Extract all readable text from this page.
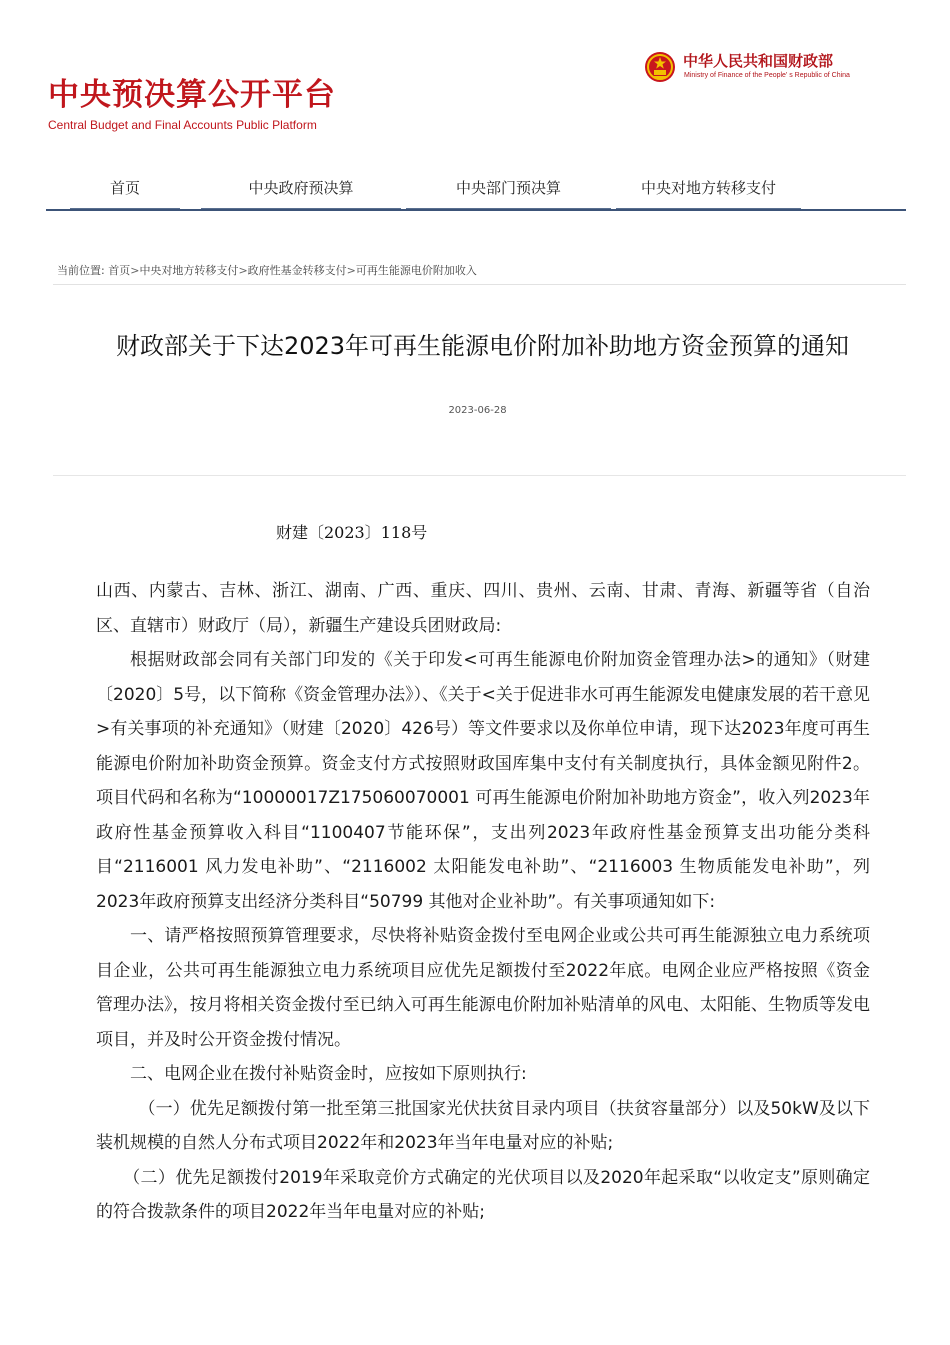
中央预决算公开平台
Central Budget and Final Accounts Public Platform
中华人民共和国财政部
Ministry of Finance of the People' s Republic of China
首页	中央政府预决算	中央部门预决算	中央对地方转移支付
当前位置: 首页>中央对地方转移支付>政府性基金转移支付>可再生能源电价附加收入
财政部关于下达2023年可再生能源电价附加补助地方资金预算的通知
2023-06-28
财建〔2023〕118号

山西、内蒙古、吉林、浙江、湖南、广西、重庆、四川、贵州、云南、甘肃、青海、新疆等省（自治区、直辖市）财政厅（局），新疆生产建设兵团财政局:

根据财政部会同有关部门印发的《关于印发<可再生能源电价附加资金管理办法>的通知》（财建〔2020〕5号，以下简称《资金管理办法》）、《关于<关于促进非水可再生能源发电健康发展的若干意见>有关事项的补充通知》（财建〔2020〕426号）等文件要求以及你单位申请，现下达2023年度可再生能源电价附加补助资金预算。资金支付方式按照财政国库集中支付有关制度执行，具体金额见附件2。项目代码和名称为“10000017Z175060070001 可再生能源电价附加补助地方资金”，收入列2023年政府性基金预算收入科目“1100407节能环保”，支出列2023年政府性基金预算支出功能分类科目“2116001 风力发电补助”、“2116002 太阳能发电补助”、“2116003 生物质能发电补助”，列2023年政府预算支出经济分类科目“50799 其他对企业补助”。有关事项通知如下:

一、请严格按照预算管理要求，尽快将补贴资金拨付至电网企业或公共可再生能源独立电力系统项目企业，公共可再生能源独立电力系统项目应优先足额拨付至2022年底。电网企业应严格按照《资金管理办法》，按月将相关资金拨付至已纳入可再生能源电价附加补贴清单的风电、太阳能、生物质等发电项目，并及时公开资金拨付情况。

二、电网企业在拨付补贴资金时，应按如下原则执行:

（一）优先足额拨付第一批至第三批国家光伏扶贫目录内项目（扶贫容量部分）以及50kW及以下装机规模的自然人分布式项目2022年和2023年当年电量对应的补贴;

（二）优先足额拨付2019年采取竞价方式确定的光伏项目以及2020年起采取“以收定支”原则确定的符合拨款条件的项目2022年当年电量对应的补贴;
